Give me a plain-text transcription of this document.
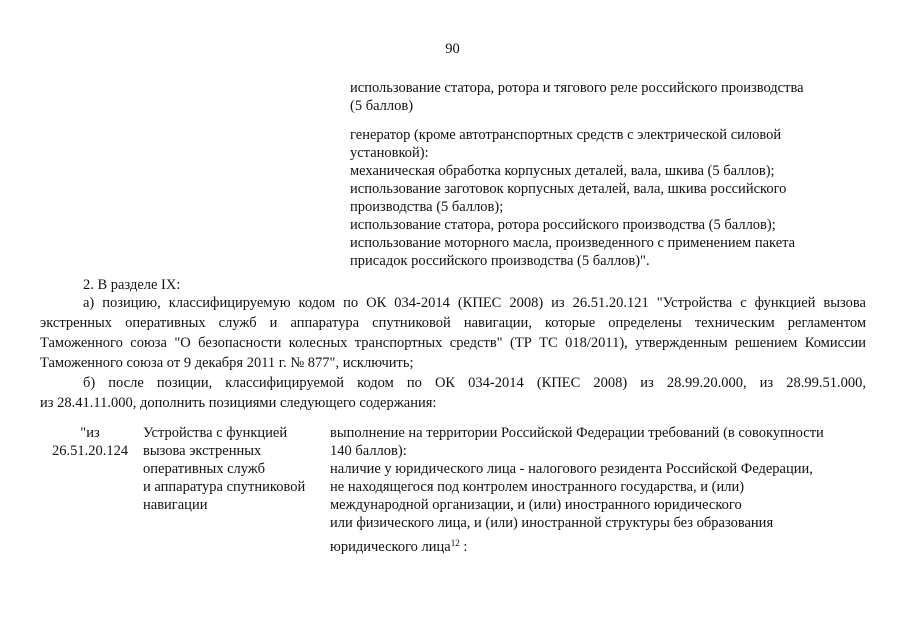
90
использование статора, ротора и тягового реле российского производства
(5 баллов)
генератор (кроме автотранспортных средств с электрической силовой
установкой):
механическая обработка корпусных деталей, вала, шкива (5 баллов);
использование заготовок корпусных деталей, вала, шкива российского
производства (5 баллов);
использование статора, ротора российского производства (5 баллов);
использование моторного масла, произведенного с применением пакета
присадок российского производства (5 баллов)".
2. В разделе IX:
а) позицию, классифицируемую кодом по ОК 034-2014 (КПЕС 2008) из 26.51.20.121 "Устройства с функцией вызова
экстренных оперативных служб и аппаратура спутниковой навигации, которые определены техническим регламентом
Таможенного союза "О безопасности колесных транспортных средств" (ТР ТС 018/2011), утвержденным решением Комиссии
Таможенного союза от 9 декабря 2011 г. № 877", исключить;
б) после позиции, классифицируемой кодом по ОК 034-2014 (КПЕС 2008) из 28.99.20.000, из 28.99.51.000,
из 28.41.11.000, дополнить позициями следующего содержания:
"из
26.51.20.124
Устройства с функцией
вызова экстренных
оперативных служб
и аппаратура спутниковой
навигации
выполнение на территории Российской Федерации требований (в совокупности
140 баллов):
наличие у юридического лица - налогового резидента Российской Федерации,
не находящегося под контролем иностранного государства, и (или)
международной организации, и (или) иностранного юридического
или физического лица, и (или) иностранной структуры без образования
юридического лица$^{12}$ :
